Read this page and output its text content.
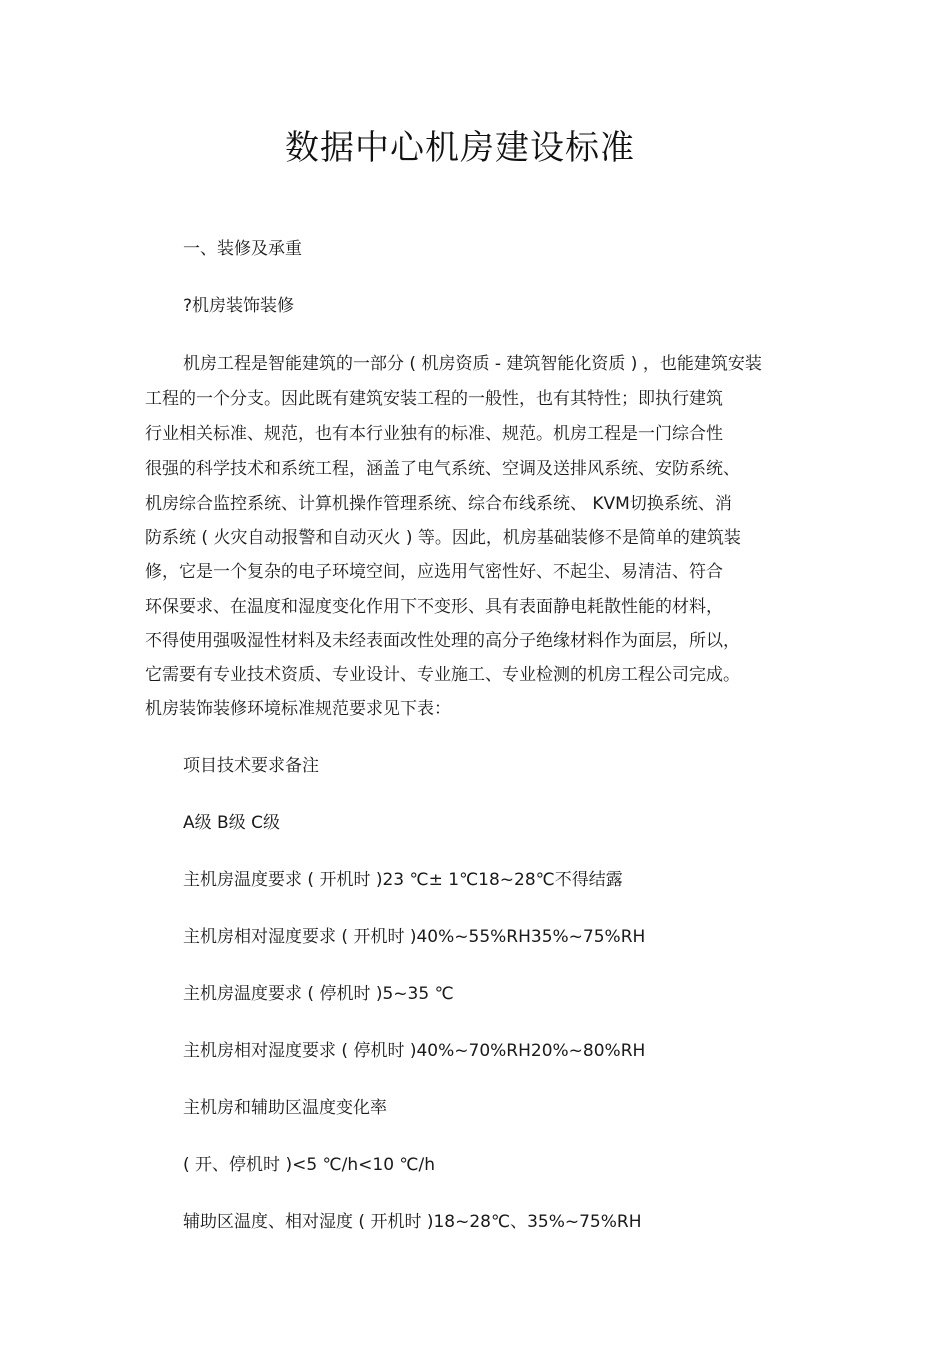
数据中心机房建设标准

一、装修及承重

?机房装饰装修

机房工程是智能建筑的一部分 ( 机房资质 - 建筑智能化资质 ) ，也能建筑安装

工程的一个分支。因此既有建筑安装工程的一般性，也有其特性；即执行建筑

行业相关标准、规范，也有本行业独有的标准、规范。机房工程是一门综合性

很强的科学技术和系统工程，涵盖了电气系统、空调及送排风系统、安防系统、

机房综合监控系统、计算机操作管理系统、综合布线系统、 KVM切换系统、消

防系统 ( 火灾自动报警和自动灭火 ) 等。因此，机房基础装修不是简单的建筑装

修，它是一个复杂的电子环境空间，应选用气密性好、不起尘、易清洁、符合

环保要求、在温度和湿度变化作用下不变形、具有表面静电耗散性能的材料，

不得使用强吸湿性材料及未经表面改性处理的高分子绝缘材料作为面层，所以，

它需要有专业技术资质、专业设计、专业施工、专业检测的机房工程公司完成。

机房装饰装修环境标准规范要求见下表：

项目技术要求备注

A级 B级 C级

主机房温度要求 ( 开机时 )23 ℃± 1℃18~28℃不得结露

主机房相对湿度要求 ( 开机时 )40%~55%RH35%~75%RH

主机房温度要求 ( 停机时 )5~35 ℃

主机房相对湿度要求 ( 停机时 )40%~70%RH20%~80%RH

主机房和辅助区温度变化率

( 开、停机时 )<5 ℃/h<10 ℃/h

辅助区温度、相对湿度 ( 开机时 )18~28℃、35%~75%RH
